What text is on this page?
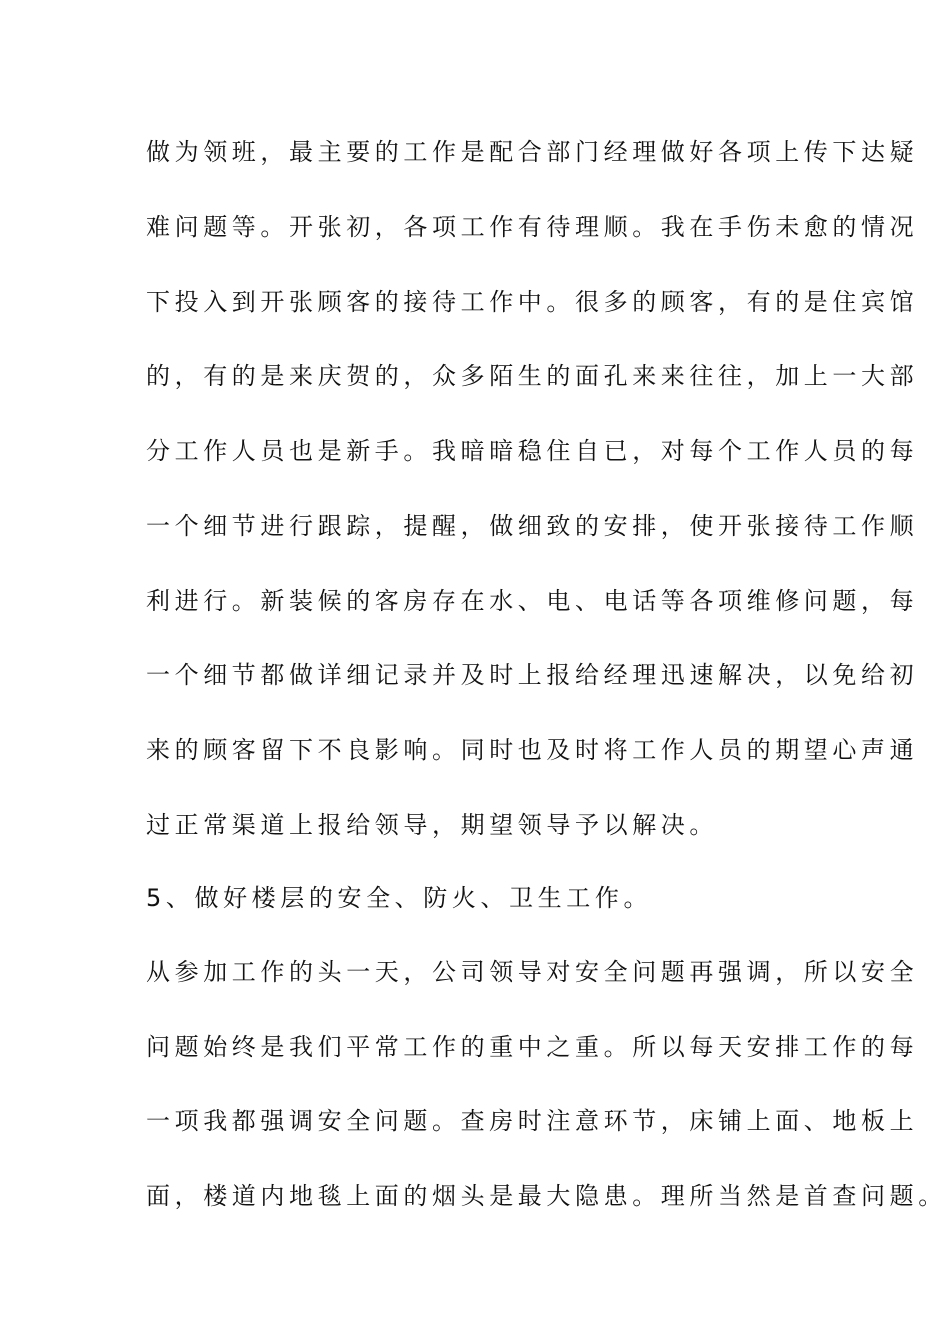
做为领班，最主要的工作是配合部门经理做好各项上传下达疑
难问题等。开张初，各项工作有待理顺。我在手伤未愈的情况
下投入到开张顾客的接待工作中。很多的顾客，有的是住宾馆
的，有的是来庆贺的，众多陌生的面孔来来往往，加上一大部
分工作人员也是新手。我暗暗稳住自已，对每个工作人员的每
一个细节进行跟踪，提醒，做细致的安排，使开张接待工作顺
利进行。新装候的客房存在水、电、电话等各项维修问题，每
一个细节都做详细记录并及时上报给经理迅速解决，以免给初
来的顾客留下不良影响。同时也及时将工作人员的期望心声通
过正常渠道上报给领导，期望领导予以解决。
5、做好楼层的安全、防火、卫生工作。
从参加工作的头一天，公司领导对安全问题再强调，所以安全
问题始终是我们平常工作的重中之重。所以每天安排工作的每
一项我都强调安全问题。查房时注意环节，床铺上面、地板上
面，楼道内地毯上面的烟头是最大隐患。理所当然是首查问题。
